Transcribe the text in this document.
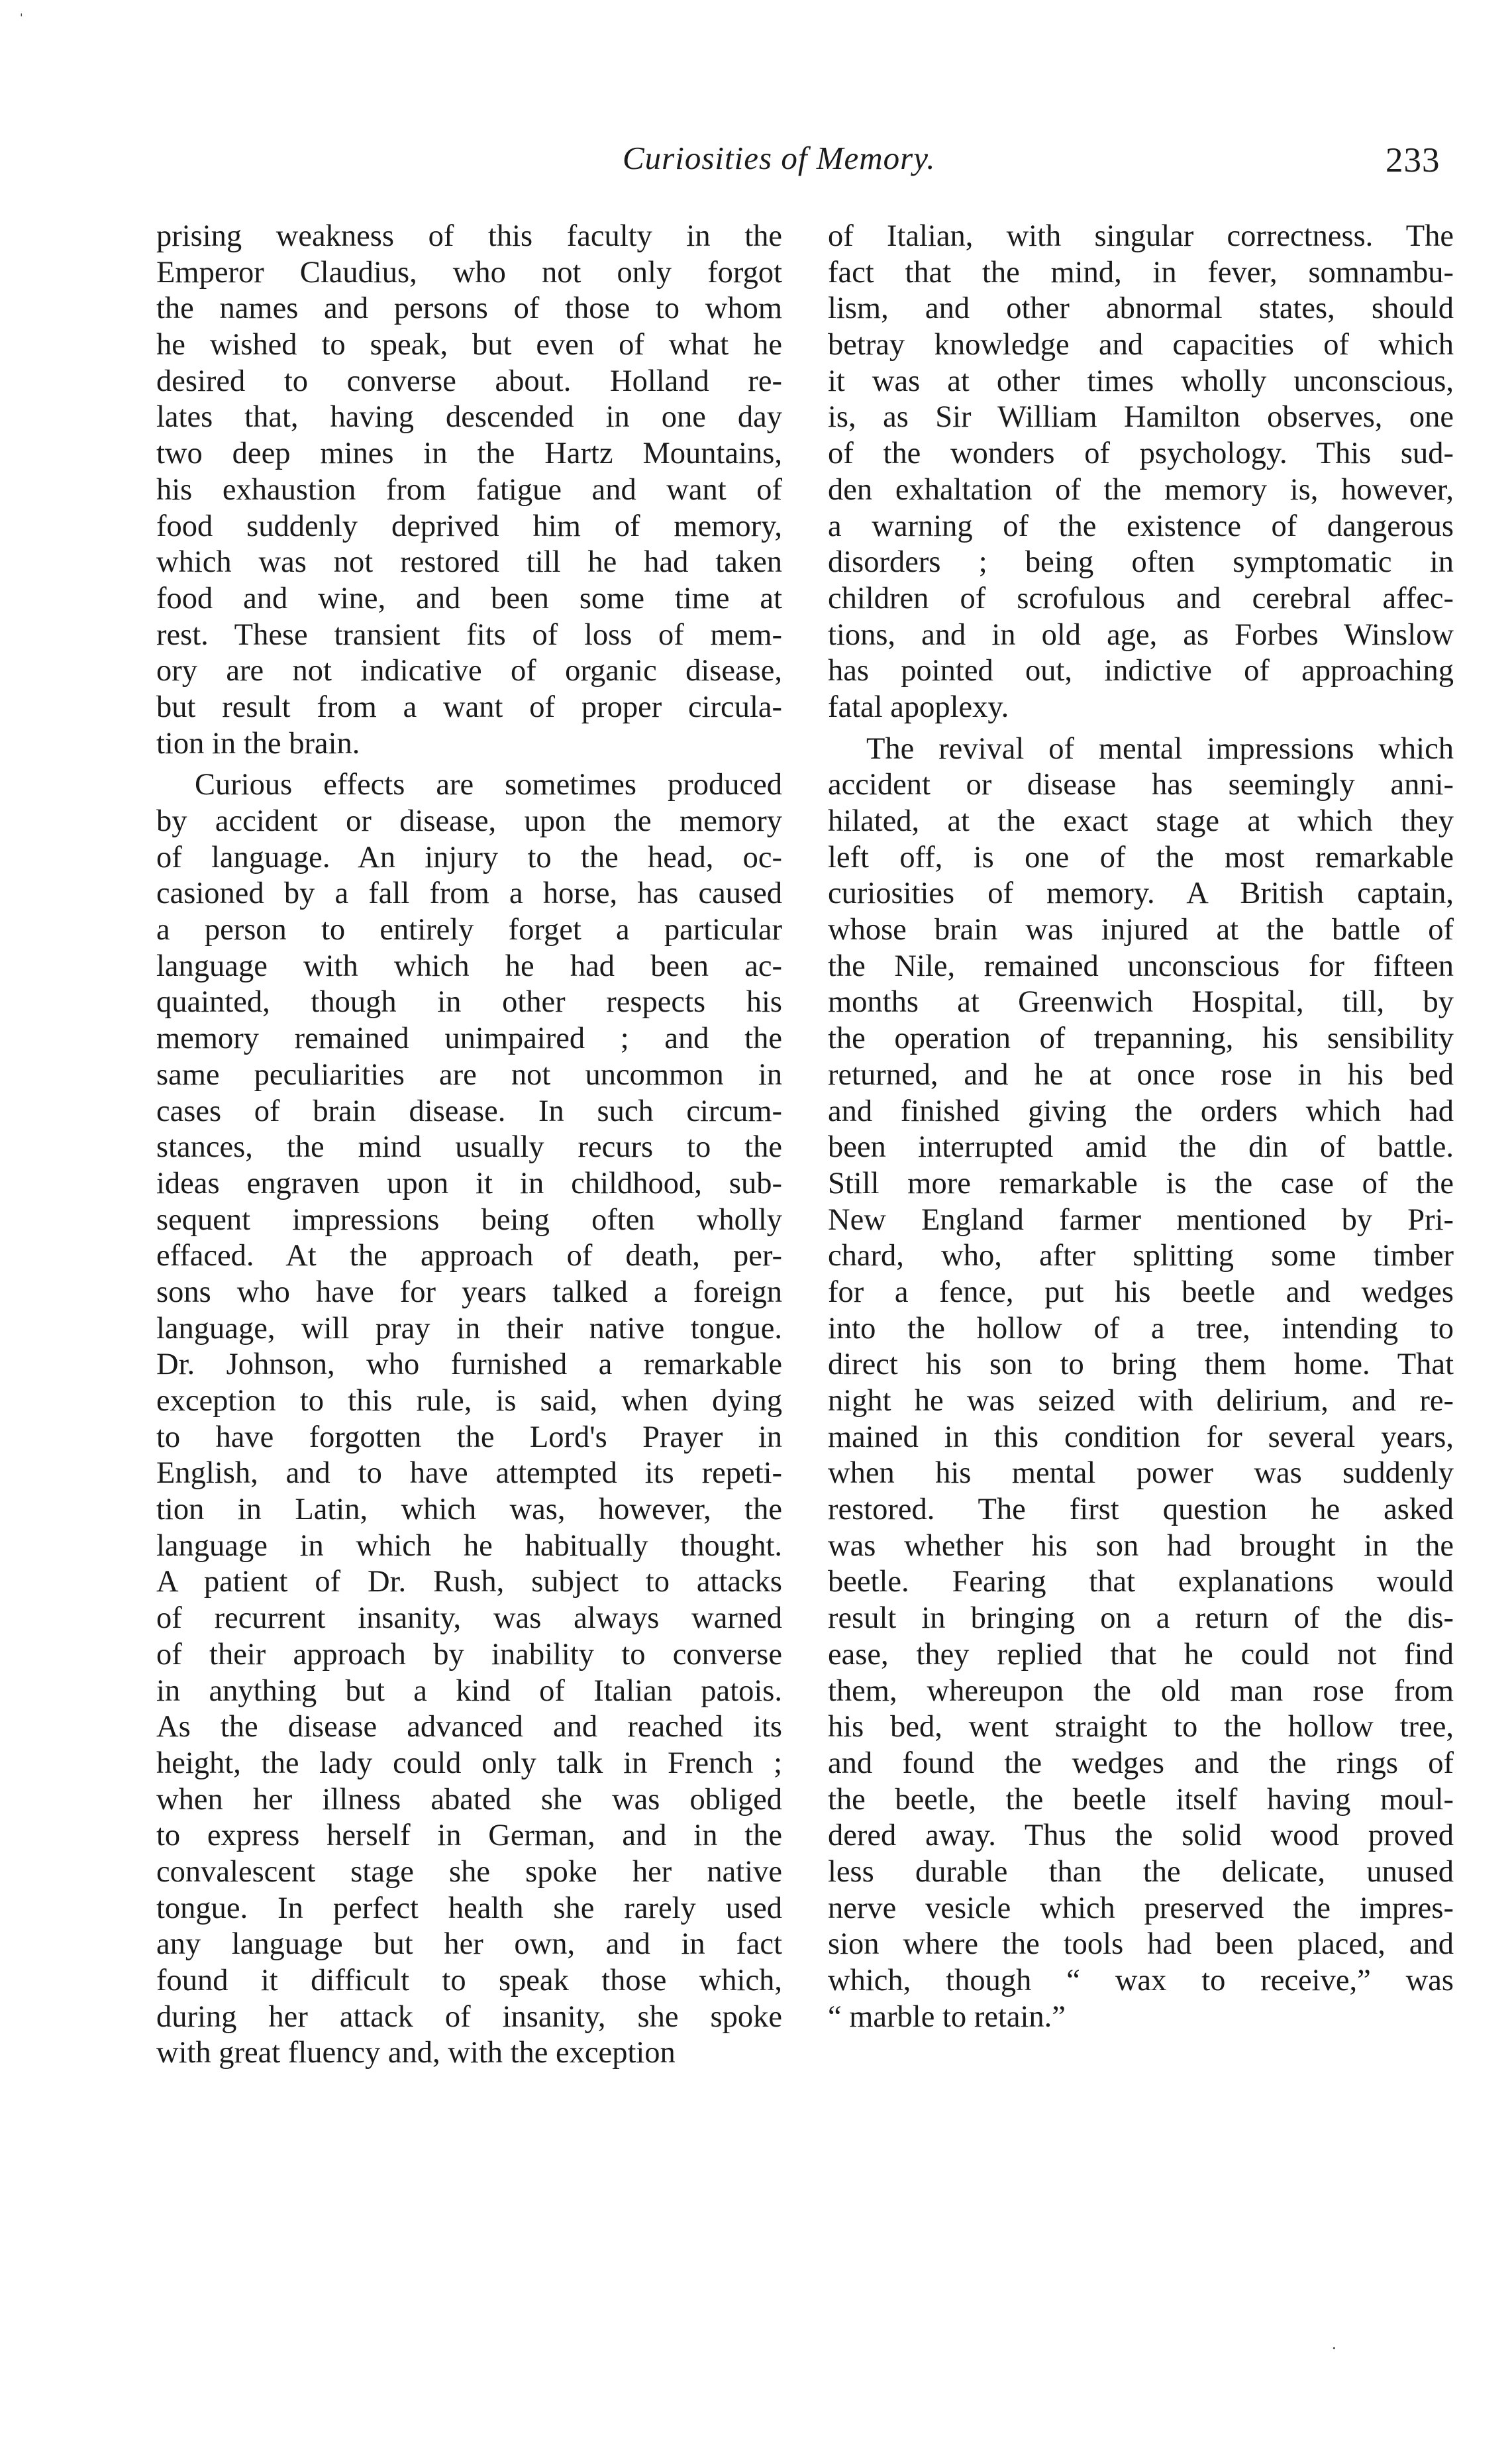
Curiosities of Memory.	233
prising weakness of this faculty in the
Emperor Claudius, who not only forgot
the names and persons of those to whom
he wished to speak, but even of what he
desired to converse about. Holland re-
lates that, having descended in one day
two deep mines in the Hartz Mountains,
his exhaustion from fatigue and want of
food suddenly deprived him of memory,
which was not restored till he had taken
food and wine, and been some time at
rest. These transient fits of loss of mem-
ory are not indicative of organic disease,
but result from a want of proper circula-
tion in the brain.
Curious effects are sometimes produced
by accident or disease, upon the memory
of language. An injury to the head, oc-
casioned by a fall from a horse, has caused
a person to entirely forget a particular
language with which he had been ac-
quainted, though in other respects his
memory remained unimpaired ; and the
same peculiarities are not uncommon in
cases of brain disease. In such circum-
stances, the mind usually recurs to the
ideas engraven upon it in childhood, sub-
sequent impressions being often wholly
effaced. At the approach of death, per-
sons who have for years talked a foreign
language, will pray in their native tongue.
Dr. Johnson, who furnished a remarkable
exception to this rule, is said, when dying
to have forgotten the Lord's Prayer in
English, and to have attempted its repeti-
tion in Latin, which was, however, the
language in which he habitually thought.
A patient of Dr. Rush, subject to attacks
of recurrent insanity, was always warned
of their approach by inability to converse
in anything but a kind of Italian patois.
As the disease advanced and reached its
height, the lady could only talk in French ;
when her illness abated she was obliged
to express herself in German, and in the
convalescent stage she spoke her native
tongue. In perfect health she rarely used
any language but her own, and in fact
found it difficult to speak those which,
during her attack of insanity, she spoke
with great fluency and, with the exception
of Italian, with singular correctness. The
fact that the mind, in fever, somnambu-
lism, and other abnormal states, should
betray knowledge and capacities of which
it was at other times wholly unconscious,
is, as Sir William Hamilton observes, one
of the wonders of psychology. This sud-
den exhaltation of the memory is, however,
a warning of the existence of dangerous
disorders ; being often symptomatic in
children of scrofulous and cerebral affec-
tions, and in old age, as Forbes Winslow
has pointed out, indictive of approaching
fatal apoplexy.
The revival of mental impressions which
accident or disease has seemingly anni-
hilated, at the exact stage at which they
left off, is one of the most remarkable
curiosities of memory. A British captain,
whose brain was injured at the battle of
the Nile, remained unconscious for fifteen
months at Greenwich Hospital, till, by
the operation of trepanning, his sensibility
returned, and he at once rose in his bed
and finished giving the orders which had
been interrupted amid the din of battle.
Still more remarkable is the case of the
New England farmer mentioned by Pri-
chard, who, after splitting some timber
for a fence, put his beetle and wedges
into the hollow of a tree, intending to
direct his son to bring them home. That
night he was seized with delirium, and re-
mained in this condition for several years,
when his mental power was suddenly
restored. The first question he asked
was whether his son had brought in the
beetle. Fearing that explanations would
result in bringing on a return of the dis-
ease, they replied that he could not find
them, whereupon the old man rose from
his bed, went straight to the hollow tree,
and found the wedges and the rings of
the beetle, the beetle itself having moul-
dered away. Thus the solid wood proved
less durable than the delicate, unused
nerve vesicle which preserved the impres-
sion where the tools had been placed, and
which, though “ wax to receive,” was
“ marble to retain.”
ˈ
·
